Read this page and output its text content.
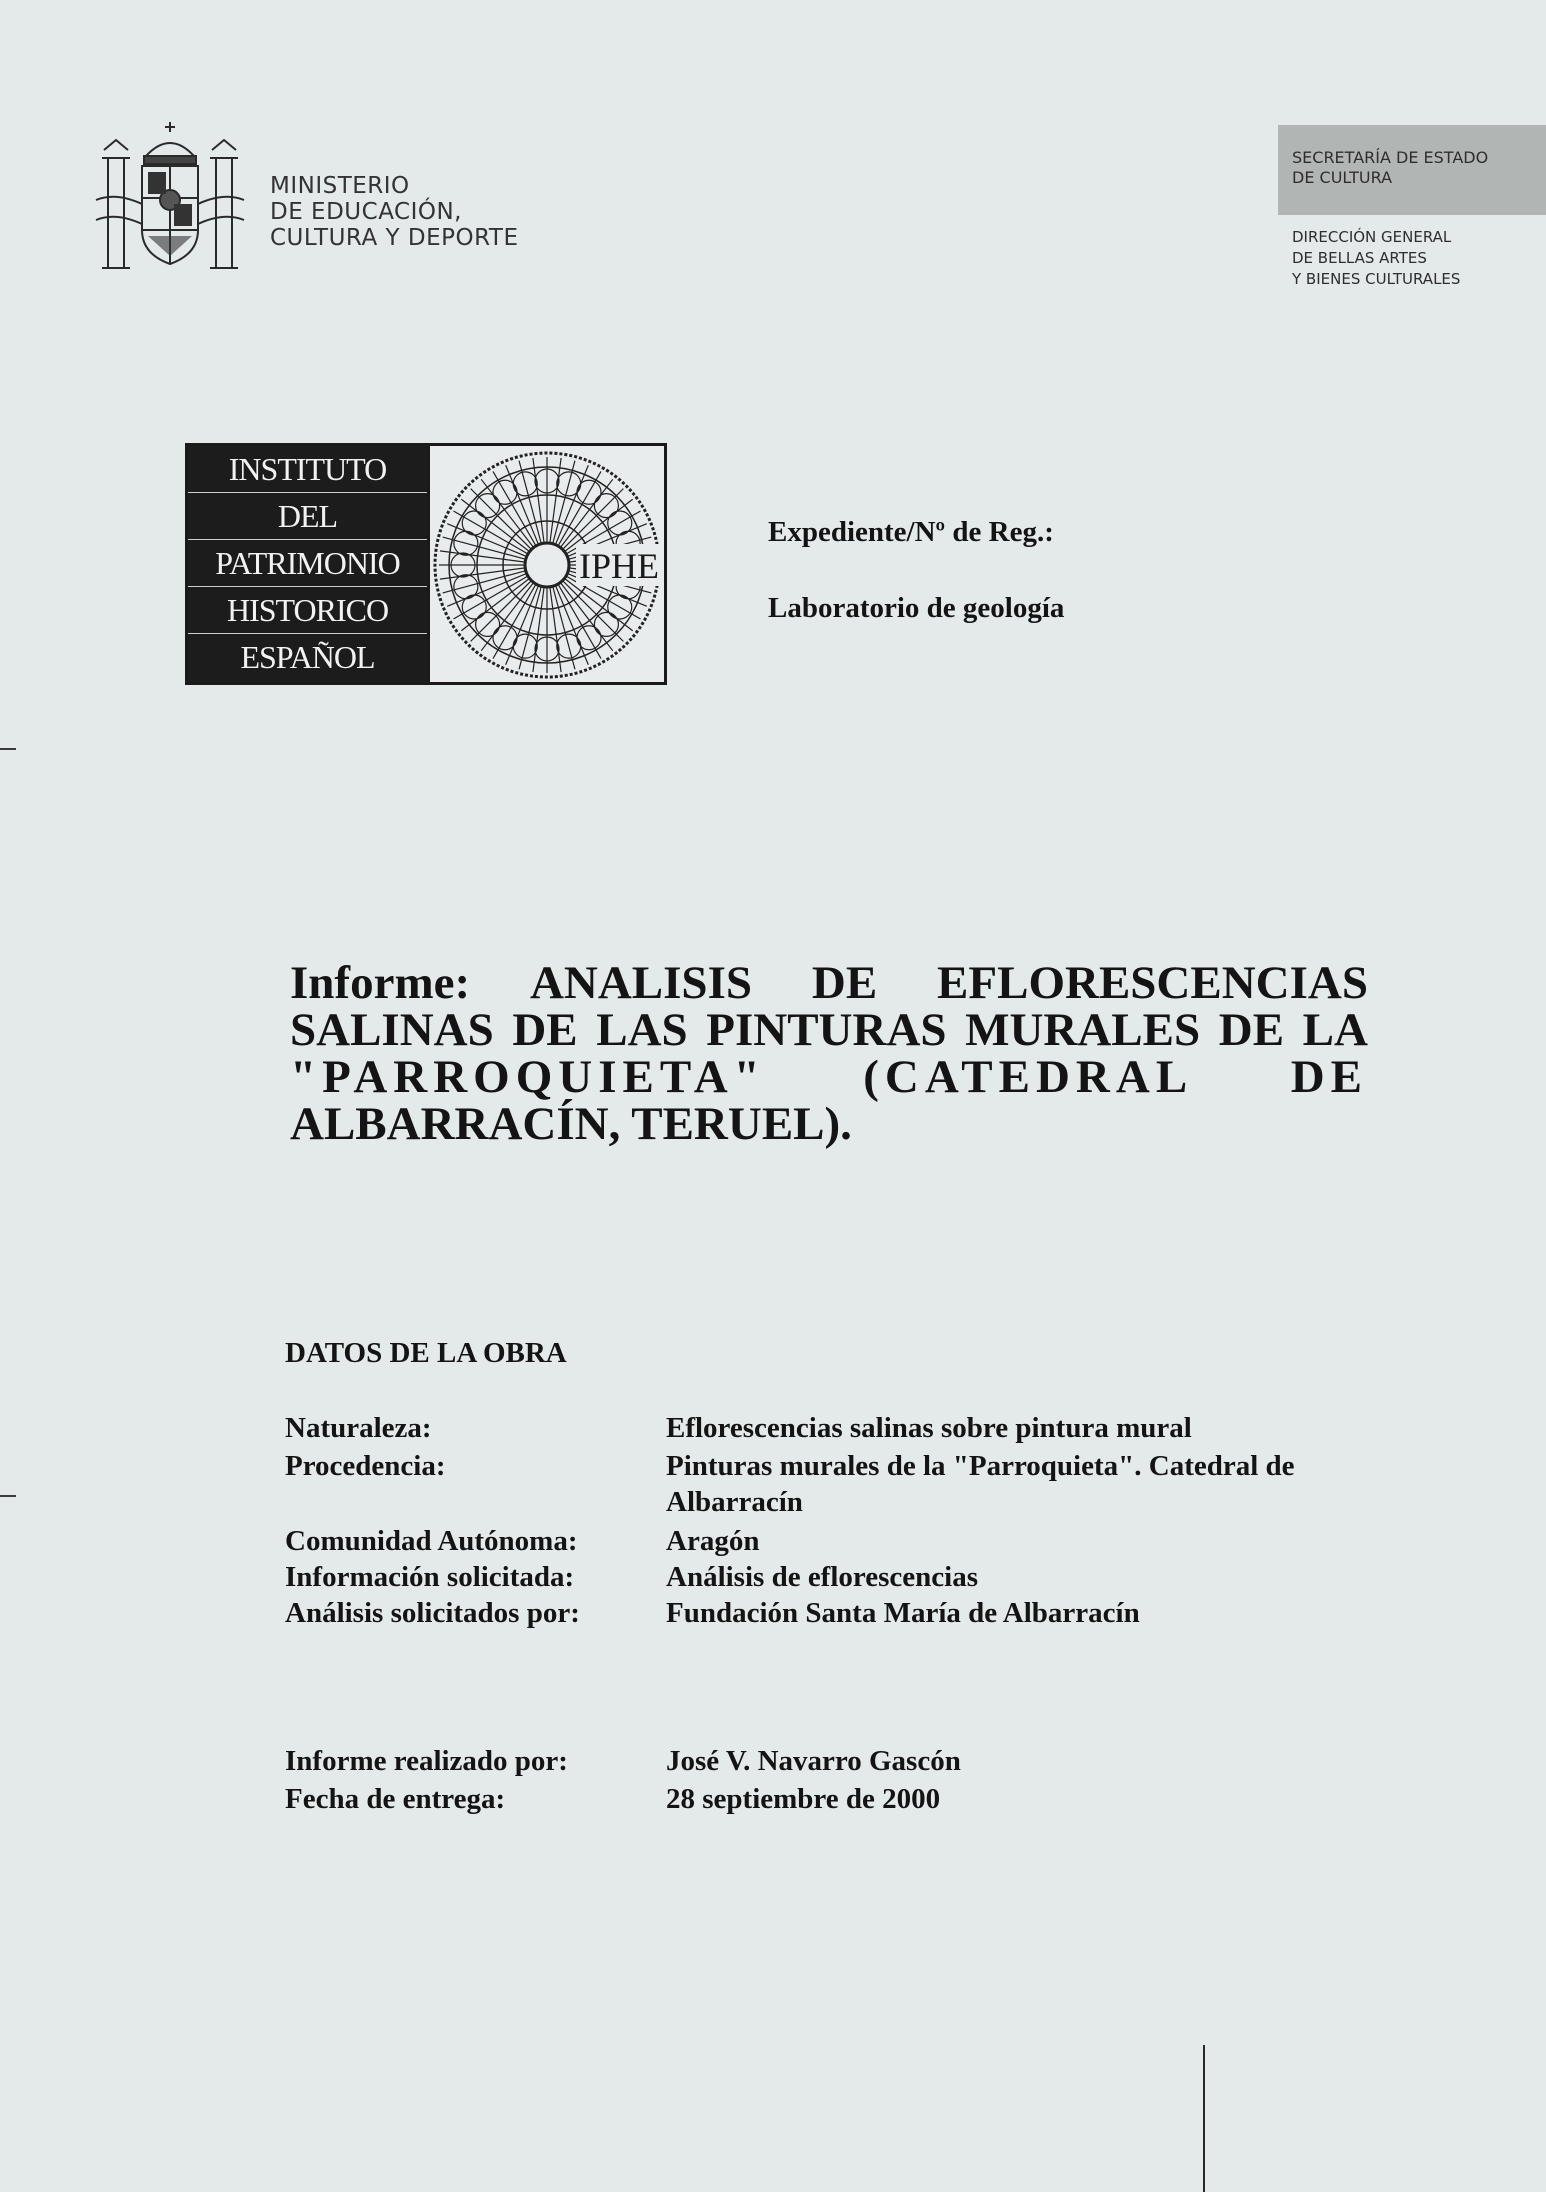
MINISTERIO
DE EDUCACIÓN,
CULTURA Y DEPORTE
SECRETARÍA DE ESTADO
DE CULTURA
DIRECCIÓN GENERAL
DE BELLAS ARTES
Y BIENES CULTURALES
INSTITUTO
DEL
PATRIMONIO
HISTORICO
ESPAÑOL
IPHE
Expediente/Nº de Reg.:
Laboratorio de geología
Informe: ANALISIS DE EFLORESCENCIAS
SALINAS DE LAS PINTURAS MURALES DE LA
"PARROQUIETA" (CATEDRAL DE
ALBARRACÍN, TERUEL).
DATOS DE LA OBRA
Naturaleza:	Eflorescencias salinas sobre pintura mural
Procedencia:	Pinturas murales de la "Parroquieta". Catedral de
Albarracín
Comunidad Autónoma:	Aragón
Información solicitada:	Análisis de eflorescencias
Análisis solicitados por:	Fundación Santa María de Albarracín
Informe realizado por:	José V. Navarro Gascón
Fecha de entrega:	28 septiembre de 2000
